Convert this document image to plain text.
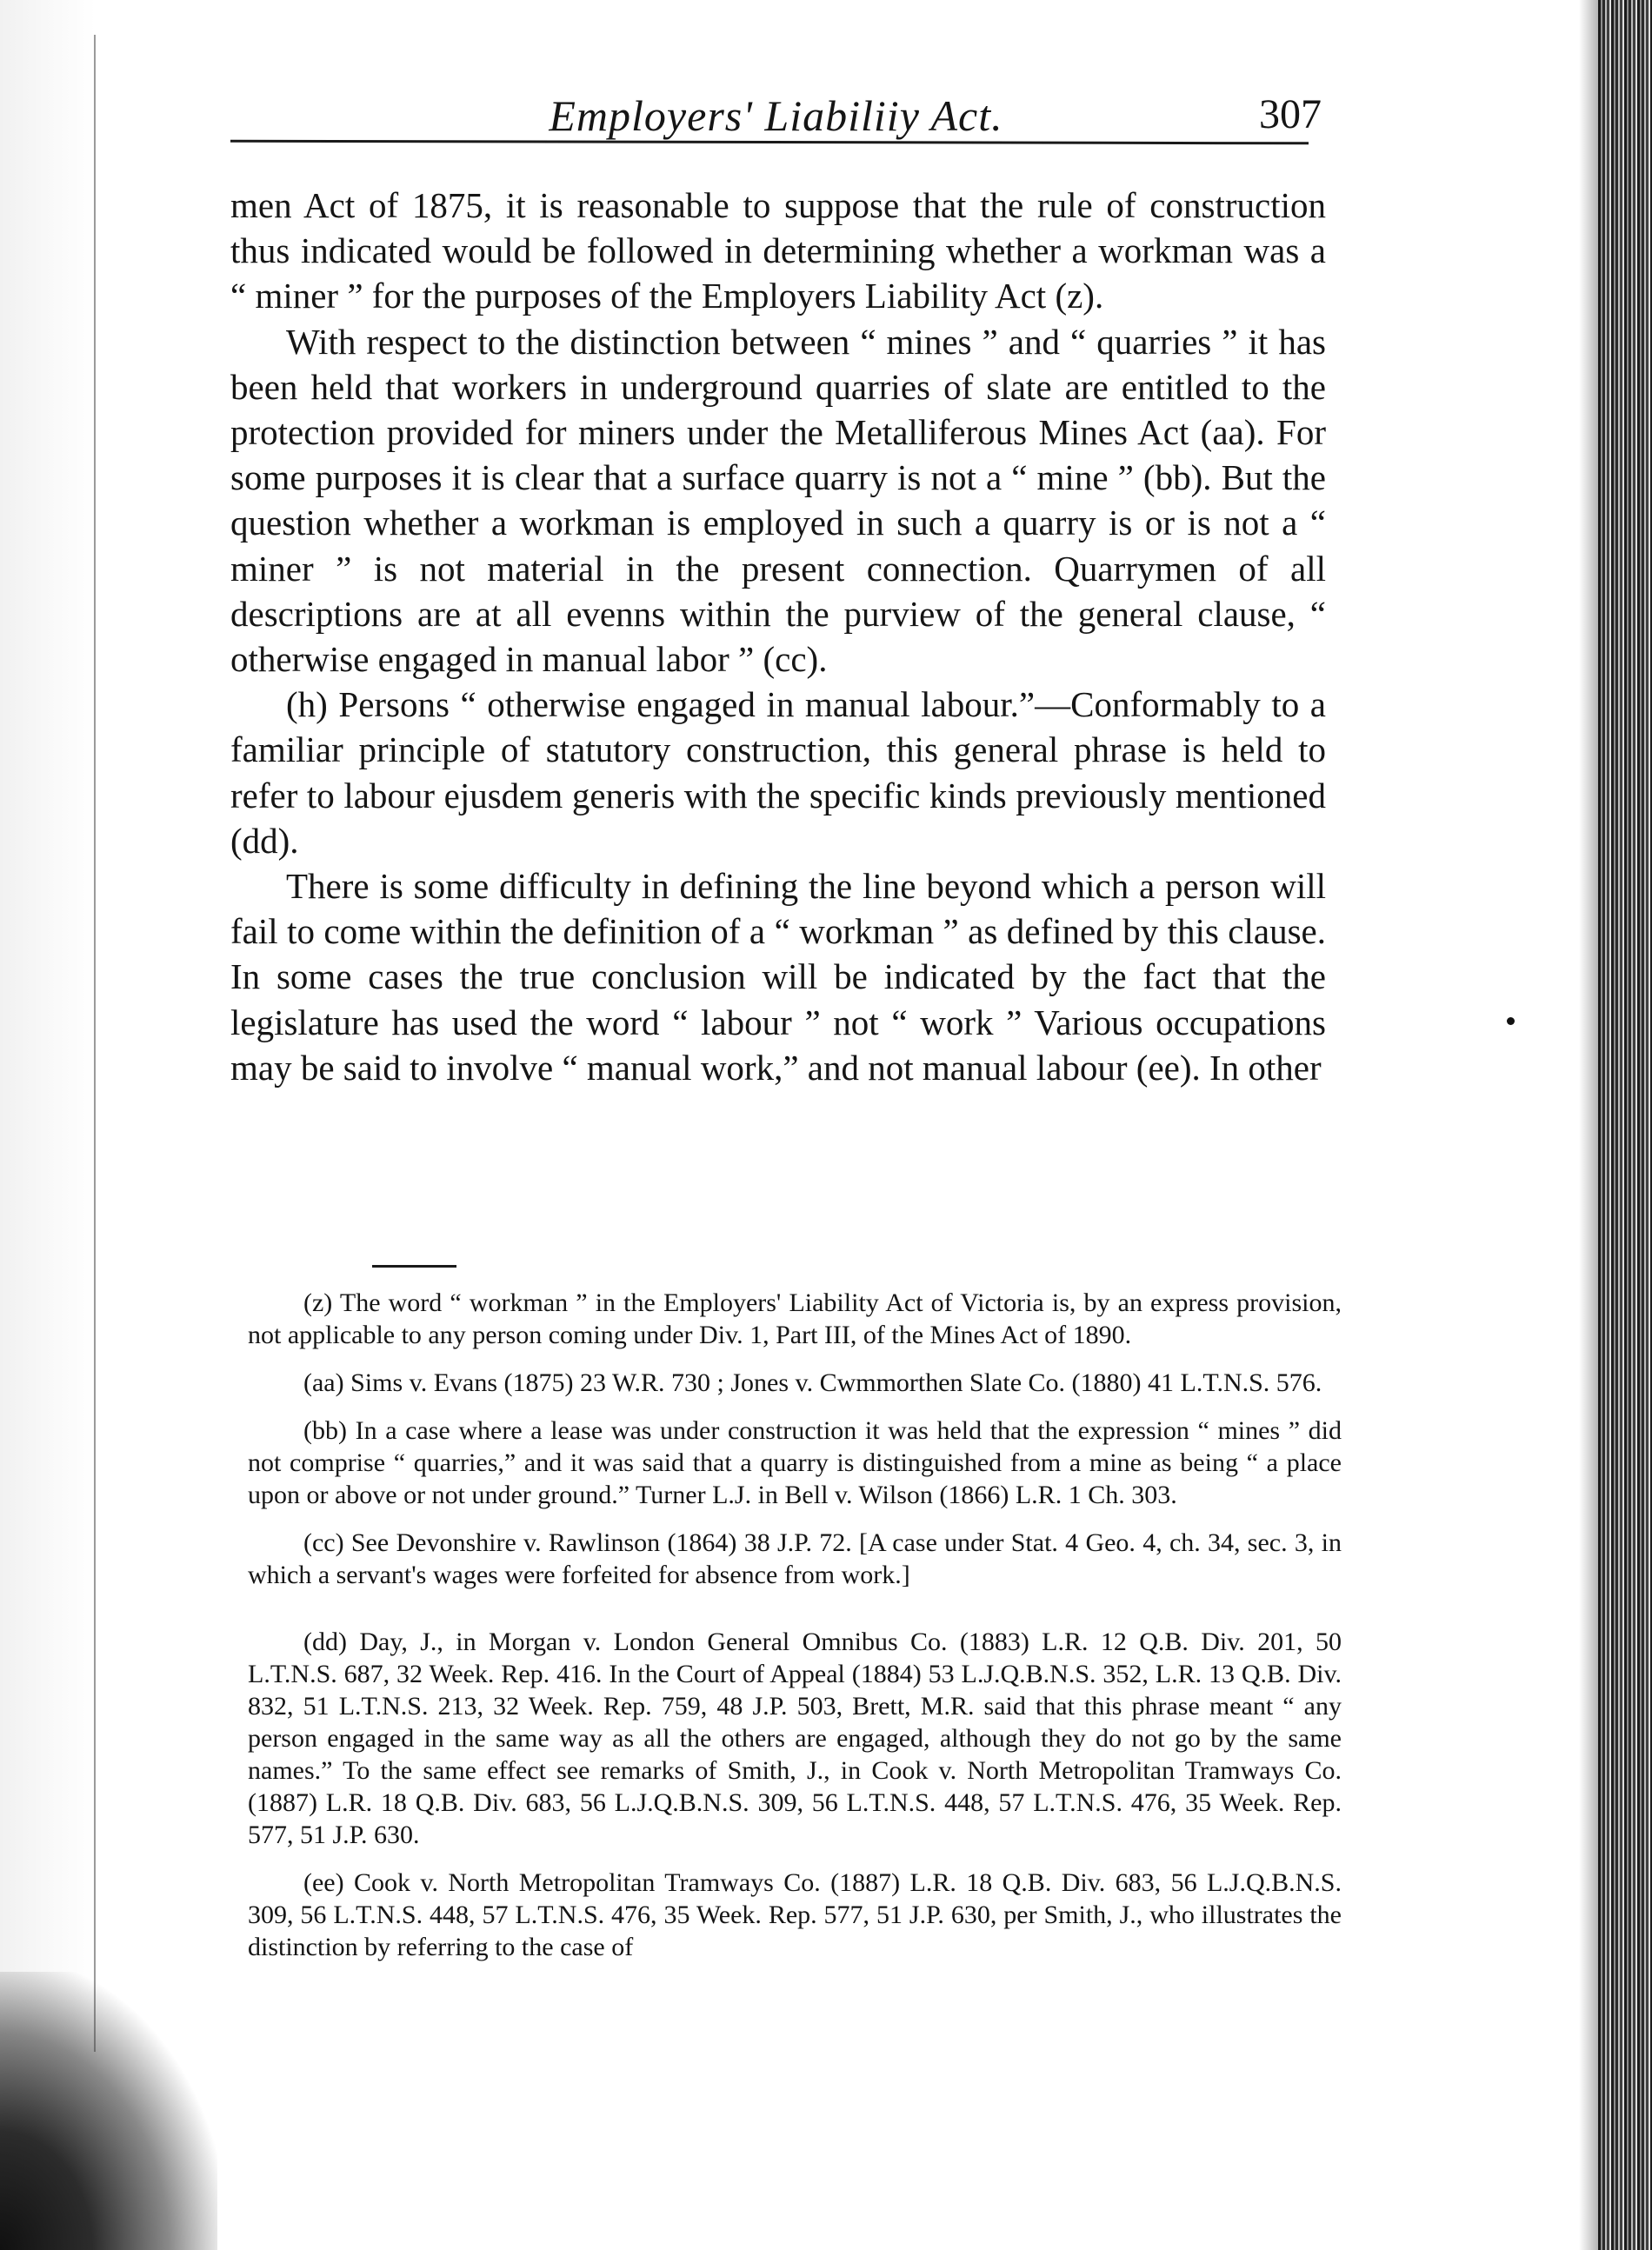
Employers' Liabiliiy Act.	307

men Act of 1875, it is reasonable to suppose that the rule of construction thus indicated would be followed in determining whether a workman was a “ miner ” for the purposes of the Employers Liability Act (z).

With respect to the distinction between “ mines ” and “ quarries ” it has been held that workers in underground quarries of slate are entitled to the protection provided for miners under the Metalliferous Mines Act (aa). For some purposes it is clear that a surface quarry is not a “ mine ” (bb). But the question whether a workman is employed in such a quarry is or is not a “ miner ” is not material in the present connection. Quarrymen of all descriptions are at all evenns within the purview of the general clause, “ otherwise engaged in manual labor ” (cc).

(h) Persons “ otherwise engaged in manual labour.”—Conformably to a familiar principle of statutory construction, this general phrase is held to refer to labour ejusdem generis with the specific kinds previously mentioned (dd).

There is some difficulty in defining the line beyond which a person will fail to come within the definition of a “ workman ” as defined by this clause. In some cases the true conclusion will be indicated by the fact that the legislature has used the word “ labour ” not “ work ” Various occupations may be said to involve “ manual work,” and not manual labour (ee). In other

(z) The word “ workman ” in the Employers' Liability Act of Victoria is, by an express provision, not applicable to any person coming under Div. 1, Part III, of the Mines Act of 1890.

(aa) Sims v. Evans (1875) 23 W.R. 730 ; Jones v. Cwmmorthen Slate Co. (1880) 41 L.T.N.S. 576.

(bb) In a case where a lease was under construction it was held that the expression “ mines ” did not comprise “ quarries,” and it was said that a quarry is distinguished from a mine as being “ a place upon or above or not under ground.” Turner L.J. in Bell v. Wilson (1866) L.R. 1 Ch. 303.

(cc) See Devonshire v. Rawlinson (1864) 38 J.P. 72. [A case under Stat. 4 Geo. 4, ch. 34, sec. 3, in which a servant's wages were forfeited for absence from work.]

(dd) Day, J., in Morgan v. London General Omnibus Co. (1883) L.R. 12 Q.B. Div. 201, 50 L.T.N.S. 687, 32 Week. Rep. 416. In the Court of Appeal (1884) 53 L.J.Q.B.N.S. 352, L.R. 13 Q.B. Div. 832, 51 L.T.N.S. 213, 32 Week. Rep. 759, 48 J.P. 503, Brett, M.R. said that this phrase meant “ any person engaged in the same way as all the others are engaged, although they do not go by the same names.” To the same effect see remarks of Smith, J., in Cook v. North Metropolitan Tramways Co. (1887) L.R. 18 Q.B. Div. 683, 56 L.J.Q.B.N.S. 309, 56 L.T.N.S. 448, 57 L.T.N.S. 476, 35 Week. Rep. 577, 51 J.P. 630.

(ee) Cook v. North Metropolitan Tramways Co. (1887) L.R. 18 Q.B. Div. 683, 56 L.J.Q.B.N.S. 309, 56 L.T.N.S. 448, 57 L.T.N.S. 476, 35 Week. Rep. 577, 51 J.P. 630, per Smith, J., who illustrates the distinction by referring to the case of
